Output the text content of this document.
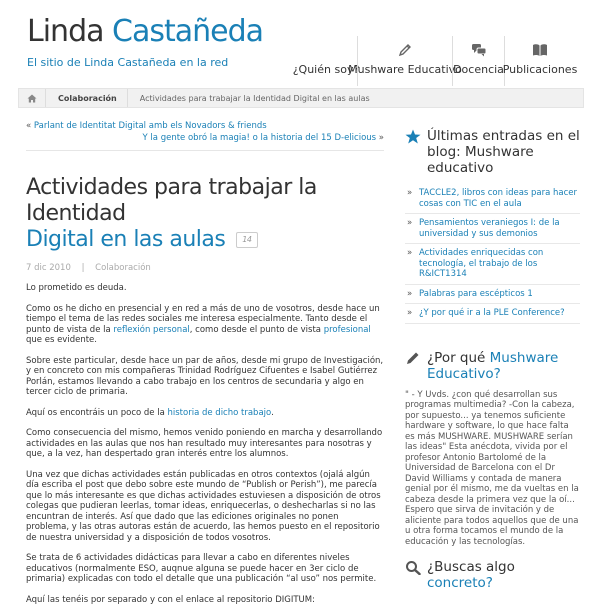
Linda Castañeda
El sitio de Linda Castañeda en la red
¿Quién soy?
Mushware Educativo
Docencia
Publicaciones
Colaboración	Actividades para trabajar la Identidad Digital en las aulas
« Parlant de Identitat Digital amb els Novadors & friends
Y la gente obró la magia! o la historia del 15 D-elicious »
Actividades para trabajar la Identidad
Digital en las aulas 14
7 dic 2010 | Colaboración

Lo prometido es deuda.

Como os he dicho en presencial y en red a más de uno de vosotros, desde hace un tiempo el tema de las redes sociales me interesa especialmente. Tanto desde el punto de vista de la reflexión personal, como desde el punto de vista profesional que es evidente.

Sobre este particular, desde hace un par de años, desde mi grupo de Investigación, y en concreto con mis compañeras Trinidad Rodríguez Cifuentes e Isabel Gutiérrez Porlán, estamos llevando a cabo trabajo en los centros de secundaria y algo en tercer ciclo de primaria.

Aquí os encontráis un poco de la historia de dicho trabajo.

Como consecuencia del mismo, hemos venido poniendo en marcha y desarrollando actividades en las aulas que nos han resultado muy interesantes para nosotras y que, a la vez, han despertado gran interés entre los alumnos.

Una vez que dichas actividades están publicadas en otros contextos (ojalá algún día escriba el post que debo sobre este mundo de “Publish or Perish”), me parecía que lo más interesante es que dichas actividades estuviesen a disposición de otros colegas que pudieran leerlas, tomar ideas, enriquecerlas, o deshecharlas si no las encuntran de interés. Así que dado que las ediciones originales no ponen problema, y las otras autoras están de acuerdo, las hemos puesto en el repositorio de nuestra universidad y a disposición de todos vosotros.

Se trata de 6 actividades didácticas para llevar a cabo en diferentes niveles educativos (normalmente ESO, auqnue alguna se puede hacer en 3er ciclo de primaria) explicadas con todo el detalle que una publicación “al uso” nos permite.

Aquí las tenéis por separado y con el enlace al repositorio DIGITUM:

Últimas entradas en el blog: Mushware educativo
» TACCLE2, libros con ideas para hacer cosas con TIC en el aula
» Pensamientos veraniegos I: de la universidad y sus demonios
» Actividades enriquecidas con tecnología, el trabajo de los R&ICT1314
» Palabras para escépticos 1
» ¿Y por qué ir a la PLE Conference?
¿Por qué Mushware Educativo?
" - Y Uvds. ¿con qué desarrollan sus programas multimedia? -Con la cabeza, por supuesto... ya tenemos suficiente hardware y software, lo que hace falta es más MUSHWARE. MUSHWARE serían las ideas" Esta anécdota, vivida por el profesor Antonio Bartolomé de la Universidad de Barcelona con el Dr David Williams y contada de manera genial por él mismo, me da vueltas en la cabeza desde la primera vez que la oí... Espero que sirva de invitación y de aliciente para todos aquellos que de una u otra forma tocamos el mundo de la educación y las tecnologías.
¿Buscas algo concreto?
